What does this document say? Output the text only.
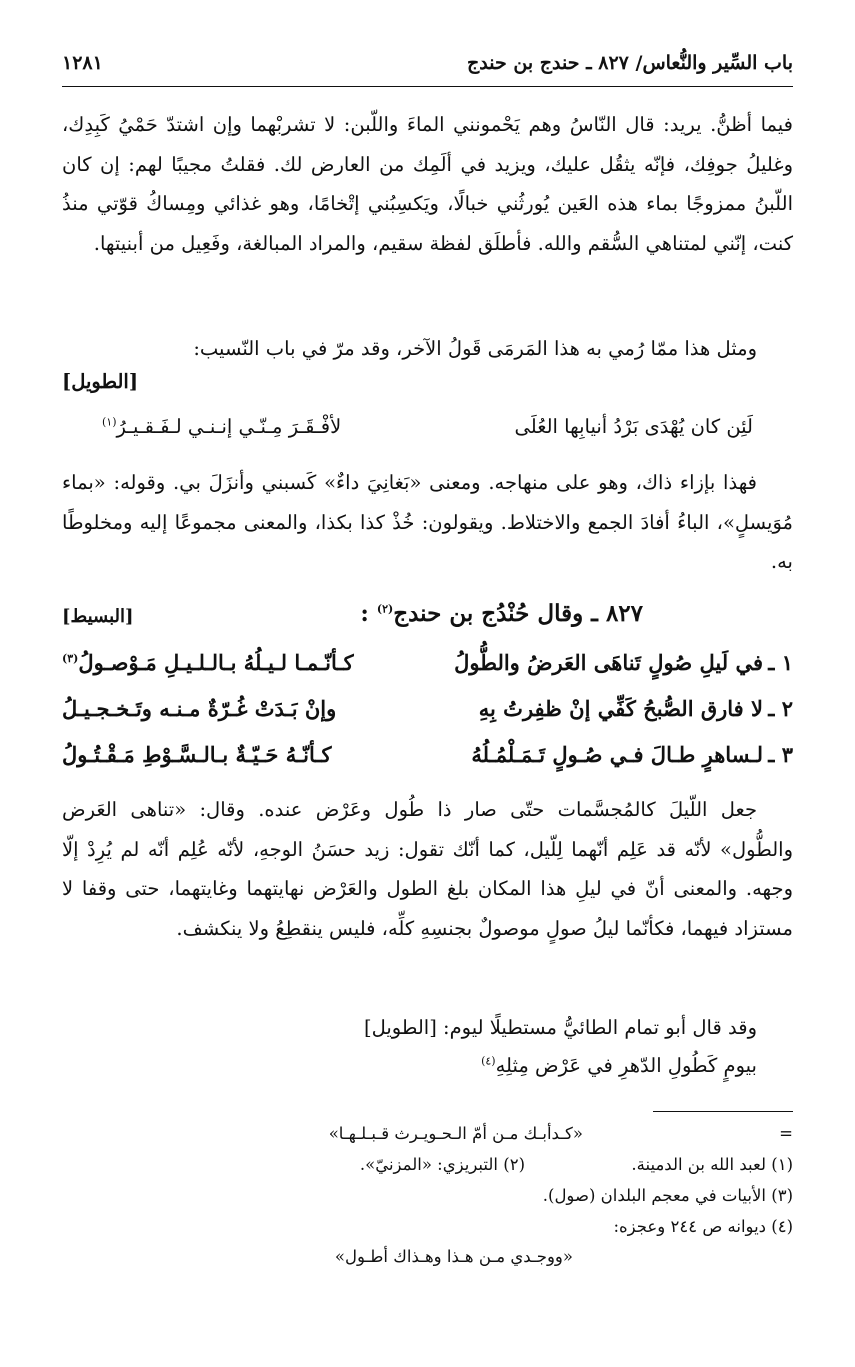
باب السِّير والنُّعاس/ ٨٢٧ ـ حندج بن حندج
١٢٨١

فيما أظنُّ. يريد: قال النّاسُ وهم يَحْمونني الماءَ واللّبن: لا تشربْهما وإن اشتدّ حَمْيُ كَبِدِك، وغليلُ جوفِك، فإنّه يثقُل عليك، ويزيد في ألَمِك من العارض لك. فقلتُ مجيبًا لهم: إن كان اللّبنُ ممزوجًا بماء هذه العَين يُورثُني خبالًا، ويَكسِبُني إتْخامًا، وهو غذائي ومِساكُ قوّتي منذُ كنت، إنّني لمتناهي السُّقم والله. فأطلَق لفظة سقيم، والمراد المبالغة، وفَعِيل من أبنيتها.

ومثل هذا ممّا رُمي به هذا المَرمَى قَولُ الآخر، وقد مرّ في باب النّسيب:

[الطويل]
لَئِن كان يُهْدَى بَرْدُ أنيابِها العُلَى
لأفْـقَـرَ مِـنّـي إنـنـي لـفَـقـيـرُ$^{(١)}$

فهذا بإزاء ذاك، وهو على منهاجه. ومعنى «بَغانِيَ داءٌ» كَسبني وأنزَلَ بي. وقوله: «بماء مُوَيسلٍ»، الباءُ أفادَ الجمع والاختلاط. ويقولون: خُذْ كذا بكذا، والمعنى مجموعًا إليه ومخلوطًا به.

٨٢٧ ـ وقال حُنْدُج بن حندج$^{(٢)}$ :
[البسيط]
١ ـ
في لَيلِ صُولٍ تَناهَى العَرضُ والطُّولُ
كـأنّـمـا لـيـلُهُ بـالـلـيـلِ مَـوْصـولُ$^{(٣)}$
٢ ـ
لا فارق الصُّبحُ كَفِّي إنْ ظفِرتُ بِهِ
وإنْ بَـدَتْ غُـرّةٌ مـنـه وتَـخـجـيـلُ
٣ ـ
لـساهرٍ طـالَ فـي صُـولٍ تَـمَـلْمُـلُهُ
كـأنّـهُ حَـيّـةٌ بـالـسَّـوْطِ مَـقْـتُـولُ

جعل اللّيلَ كالمُجسَّمات حتّى صار ذا طُول وعَرْض عنده. وقال: «تناهى العَرض والطُّول» لأنّه قد عَلِم أنّهما لِلّيل، كما أنّك تقول: زيد حسَنُ الوجهِ، لأنّه عُلِم أنّه لم يُرِدْ إلّا وجهه. والمعنى أنّ في ليلِ هذا المكان بلغ الطول والعَرْض نهايتهما وغايتهما، حتى وقفا لا مستزاد فيهما، فكأنّما ليلُ صولٍ موصولٌ بجنسِهِ كلِّه، فليس ينقطِعُ ولا ينكشف.

وقد قال أبو تمام الطائيُّ مستطيلًا ليوم: [الطويل]

بيومٍ كَطُولِ الدّهرِ في عَرْض مِثلِهِ$^{(٤)}$
=
«كـدأبـك مـن أمّ الـحـويـرث قـبـلـهـا»
(١) لعبد الله بن الدمينة.
(٢) التبريزي: «المزنيّ».
(٣) الأبيات في معجم البلدان (صول).
(٤) ديوانه ص ٢٤٤ وعجزه:
«ووجـدي مـن هـذا وهـذاك أطـول»
